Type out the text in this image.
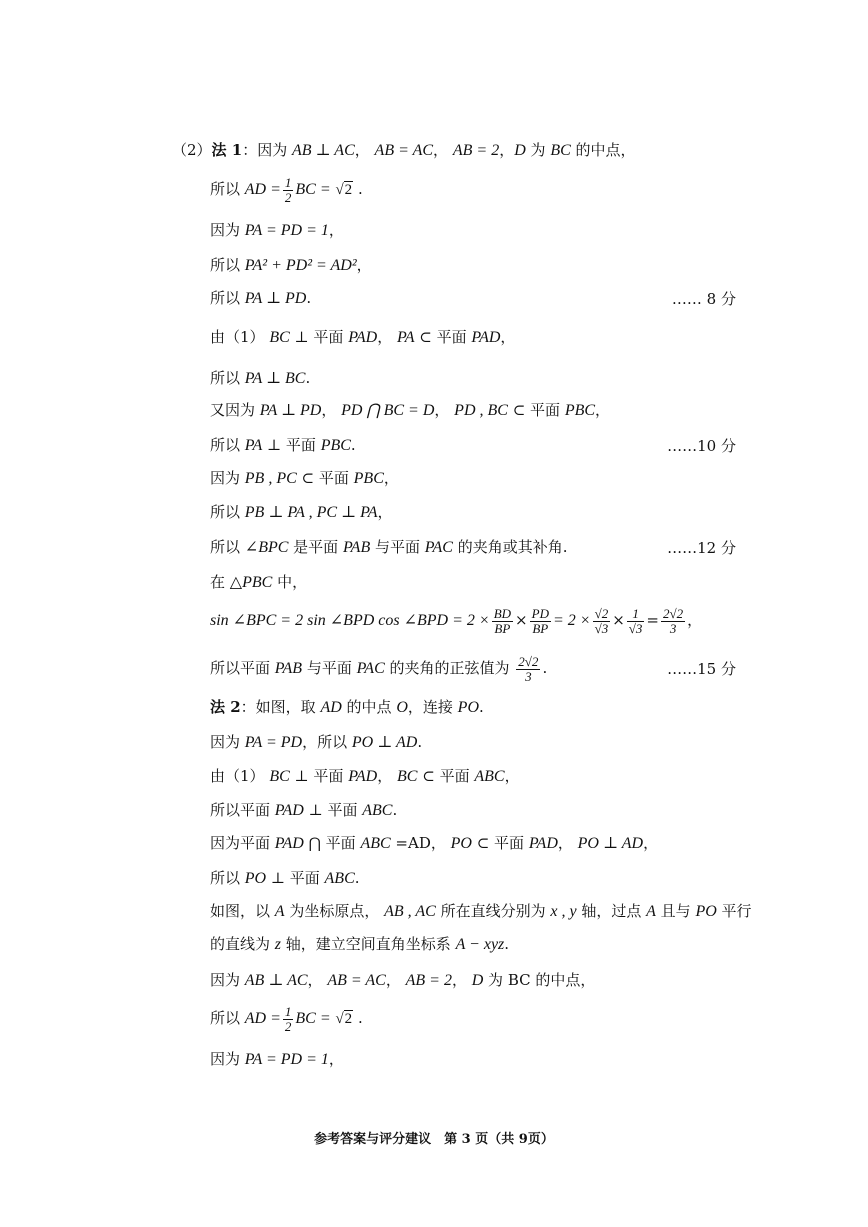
（2）法 1：因为 AB ⊥ AC， AB = AC， AB = 2，D 为 BC 的中点，
所以 AD = $\frac{1}{2}$ BC = √2 .
因为 PA = PD = 1，
所以 PA² + PD² = AD²，
所以 PA ⊥ PD.	…… 8 分
由（1） BC ⊥ 平面 PAD， PA ⊂ 平面 PAD，
所以 PA ⊥ BC.
又因为 PA ⊥ PD， PD ⋂ BC = D， PD , BC ⊂ 平面 PBC，
所以 PA ⊥ 平面 PBC.	……10 分
因为 PB , PC ⊂ 平面 PBC，
所以 PB ⊥ PA , PC ⊥ PA，
所以 ∠BPC 是平面 PAB 与平面 PAC 的夹角或其补角.	……12 分
在 △PBC 中，
sin ∠BPC = 2 sin ∠BPD cos ∠BPD = $2 \times \frac{BD}{BP} \times \frac{PD}{BP} = 2 \times \frac{√2}{√3} \times \frac{1}{√3} = \frac{2√2}{3}$ ，
所以平面 PAB 与平面 PAC 的夹角的正弦值为 $\frac{2√2}{3}$ .	……15 分
法 2：如图，取 AD 的中点 O，连接 PO.
因为 PA = PD，所以 PO ⊥ AD.
由（1） BC ⊥ 平面 PAD， BC ⊂ 平面 ABC，
所以平面 PAD ⊥ 平面 ABC.
因为平面 PAD ⋂ 平面 ABC =AD， PO ⊂ 平面 PAD， PO ⊥ AD，
所以 PO ⊥ 平面 ABC.
如图，以 A 为坐标原点， AB , AC 所在直线分别为 x , y 轴，过点 A 且与 PO 平行
的直线为 z 轴，建立空间直角坐标系 A − xyz.
因为 AB ⊥ AC， AB = AC， AB = 2， D 为 BC 的中点，
所以 AD = $\frac{1}{2}$ BC = √2 .
因为 PA = PD = 1，
参考答案与评分建议　第 3 页（共 9页）
